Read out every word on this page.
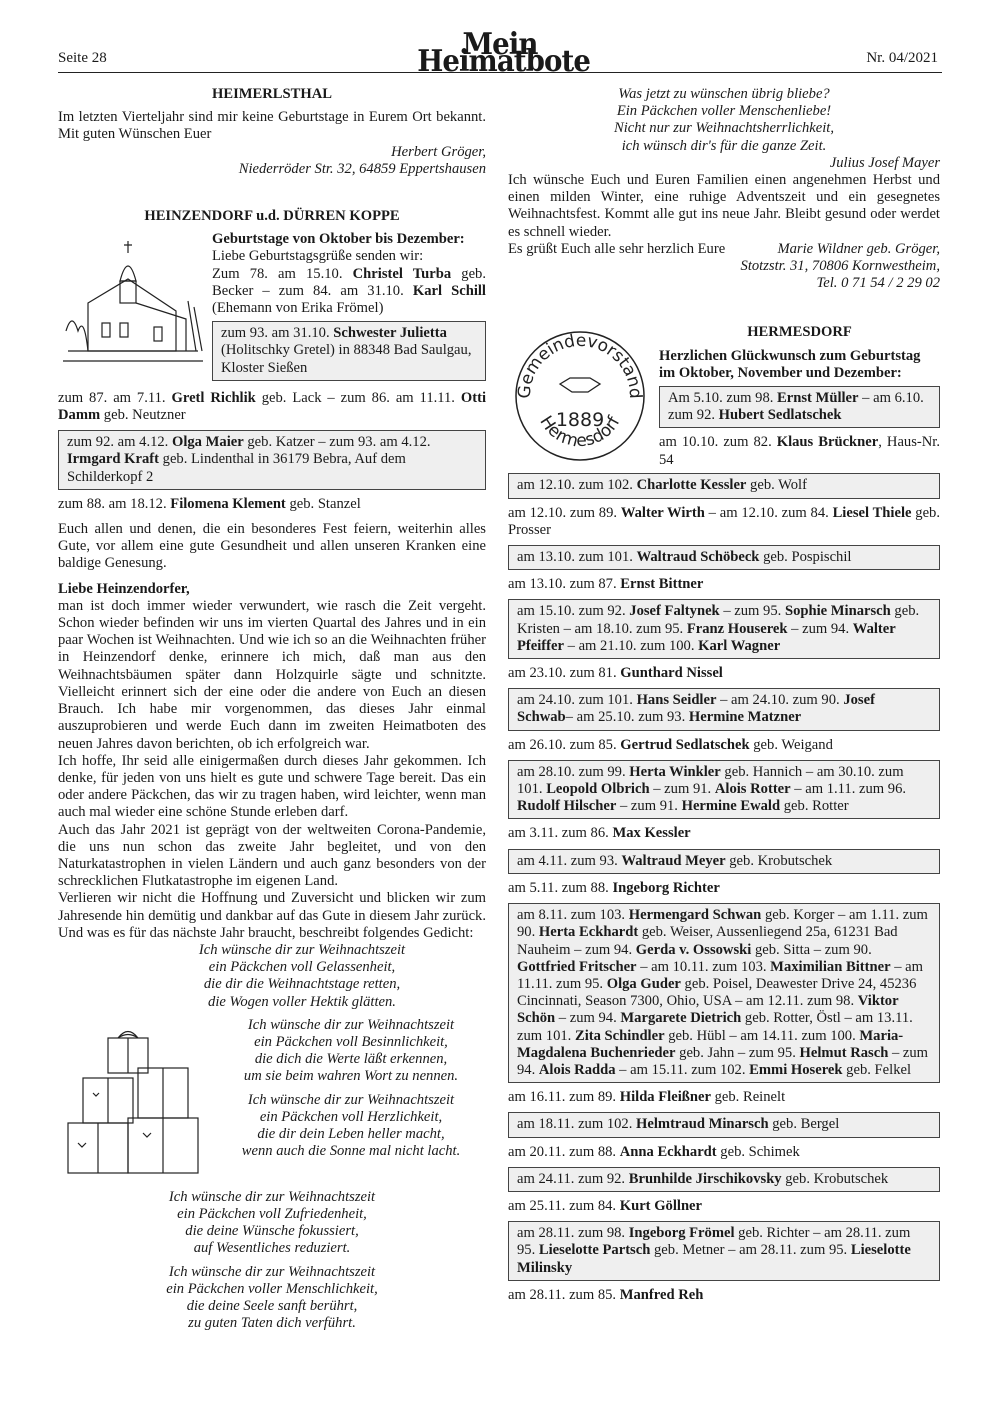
Seite 28	Mein Heimatbote	Nr. 04/2021
HEIMERLSTHAL

Im letzten Vierteljahr sind mir keine Geburtstage in Eurem Ort bekannt. Mit guten Wünschen Euer

Herbert Gröger,
Niederröder Str. 32, 64859 Eppertshausen
HEINZENDORF u.d. DÜRREN KOPPE
Geburtstage von Oktober bis Dezember:

Liebe Geburtstagsgrüße senden wir:

Zum 78. am 15.10. Christel Turba geb. Becker – zum 84. am 31.10. Karl Schill (Ehemann von Erika Frömel)

zum 93. am 31.10. Schwester Julietta (Holitschky Gretel) in 88348 Bad Saulgau, Kloster Sießen

zum 87. am 7.11. Gretl Richlik geb. Lack – zum 86. am 11.11. Otti Damm geb. Neutzner

zum 92. am 4.12. Olga Maier geb. Katzer – zum 93. am 4.12. Irmgard Kraft geb. Lindenthal in 36179 Bebra, Auf dem Schilderkopf 2

zum 88. am 18.12. Filomena Klement geb. Stanzel

Euch allen und denen, die ein besonderes Fest feiern, weiterhin alles Gute, vor allem eine gute Gesundheit und allen unseren Kranken eine baldige Genesung.

Liebe Heinzendorfer,

man ist doch immer wieder verwundert, wie rasch die Zeit vergeht. Schon wieder befinden wir uns im vierten Quartal des Jahres und in ein paar Wochen ist Weihnachten. Und wie ich so an die Weihnachten früher in Heinzendorf denke, erinnere ich mich, daß man aus den Weihnachtsbäumen später dann Holzquirle sägte und schnitzte. Vielleicht erinnert sich der eine oder die andere von Euch an diesen Brauch. Ich habe mir vorgenommen, das dieses Jahr einmal auszuprobieren und werde Euch dann im zweiten Heimatboten des neuen Jahres davon berichten, ob ich erfolgreich war.

Ich hoffe, Ihr seid alle einigermaßen durch dieses Jahr gekommen. Ich denke, für jeden von uns hielt es gute und schwere Tage bereit. Das ein oder andere Päckchen, das wir zu tragen haben, wird leichter, wenn man auch mal wieder eine schöne Stunde erleben darf.

Auch das Jahr 2021 ist geprägt von der weltweiten Corona-Pandemie, die uns nun schon das zweite Jahr begleitet, und von den Naturkatastrophen in vielen Ländern und auch ganz besonders von der schrecklichen Flutkatastrophe im eigenen Land.

Verlieren wir nicht die Hoffnung und Zuversicht und blicken wir zum Jahresende hin demütig und dankbar auf das Gute in diesem Jahr zurück. Und was es für das nächste Jahr braucht, beschreibt folgendes Gedicht:

Ich wünsche dir zur Weihnachtszeit
ein Päckchen voll Gelassenheit,
die dir die Weihnachtstage retten,
die Wogen voller Hektik glätten.
Ich wünsche dir zur Weihnachtszeit
ein Päckchen voll Besinnlichkeit,
die dich die Werte läßt erkennen,
um sie beim wahren Wort zu nennen.
Ich wünsche dir zur Weihnachtszeit
ein Päckchen voll Herzlichkeit,
die dir dein Leben heller macht,
wenn auch die Sonne mal nicht lacht.
Ich wünsche dir zur Weihnachtszeit
ein Päckchen voll Zufriedenheit,
die deine Wünsche fokussiert,
auf Wesentliches reduziert.
Ich wünsche dir zur Weihnachtszeit
ein Päckchen voller Menschlichkeit,
die deine Seele sanft berührt,
zu guten Taten dich verführt.
Was jetzt zu wünschen übrig bliebe?
Ein Päckchen voller Menschenliebe!
Nicht nur zur Weihnachtsherrlichkeit,
ich wünsch dir's für die ganze Zeit.
Julius Josef Mayer

Ich wünsche Euch und Euren Familien einen angenehmen Herbst und einen milden Winter, eine ruhige Adventszeit und ein gesegnetes Weihnachtsfest. Kommt alle gut ins neue Jahr. Bleibt gesund oder werdet es schnell wieder.

Es grüßt Euch alle sehr herzlich Eure	Marie Wildner geb. Gröger,

Stotzstr. 31, 70806 Kornwestheim,
Tel. 0 71 54 / 2 29 02
Gemeindevorstand
Hermesdorf
1889
HERMESDORF
Herzlichen Glückwunsch zum Geburtstag im Oktober, November und Dezember:
Am 5.10. zum 98. Ernst Müller – am 6.10. zum 92. Hubert Sedlatschek

am 10.10. zum 82. Klaus Brückner, Haus-Nr. 54

am 12.10. zum 102. Charlotte Kessler geb. Wolf

am 12.10. zum 89. Walter Wirth – am 12.10. zum 84. Liesel Thiele geb. Prosser

am 13.10. zum 101. Waltraud Schöbeck geb. Pospischil

am 13.10. zum 87. Ernst Bittner

am 15.10. zum 92. Josef Faltynek – zum 95. Sophie Minarsch geb. Kristen – am 18.10. zum 95. Franz Houserek – zum 94. Walter Pfeiffer – am 21.10. zum 100. Karl Wagner

am 23.10. zum 81. Gunthard Nissel

am 24.10. zum 101. Hans Seidler – am 24.10. zum 90. Josef Schwab– am 25.10. zum 93. Hermine Matzner

am 26.10. zum 85. Gertrud Sedlatschek geb. Weigand

am 28.10. zum 99. Herta Winkler geb. Hannich – am 30.10. zum 101. Leopold Olbrich – zum 91. Alois Rotter – am 1.11. zum 96. Rudolf Hilscher – zum 91. Hermine Ewald geb. Rotter

am 3.11. zum 86. Max Kessler

am 4.11. zum 93. Waltraud Meyer geb. Krobutschek

am 5.11. zum 88. Ingeborg Richter

am 8.11. zum 103. Hermengard Schwan geb. Korger – am 1.11. zum 90. Herta Eckhardt geb. Weiser, Aussenliegend 25a, 61231 Bad Nauheim – zum 94. Gerda v. Ossowski geb. Sitta – zum 90. Gottfried Fritscher – am 10.11. zum 103. Maximilian Bittner – am 11.11. zum 95. Olga Guder geb. Poisel, Deawester Drive 24, 45236 Cincinnati, Season 7300, Ohio, USA – am 12.11. zum 98. Viktor Schön – zum 94. Margarete Dietrich geb. Rotter, Östl – am 13.11. zum 101. Zita Schindler geb. Hübl – am 14.11. zum 100. Maria-Magdalena Buchenrieder geb. Jahn – zum 95. Helmut Rasch – zum 94. Alois Radda – am 15.11. zum 102. Emmi Hoserek geb. Felkel

am 16.11. zum 89. Hilda Fleißner geb. Reinelt

am 18.11. zum 102. Helmtraud Minarsch geb. Bergel

am 20.11. zum 88. Anna Eckhardt geb. Schimek

am 24.11. zum 92. Brunhilde Jirschikovsky geb. Krobutschek

am 25.11. zum 84. Kurt Göllner

am 28.11. zum 98. Ingeborg Frömel geb. Richter – am 28.11. zum 95. Lieselotte Partsch geb. Metner – am 28.11. zum 95. Lieselotte Milinsky

am 28.11. zum 85. Manfred Reh
